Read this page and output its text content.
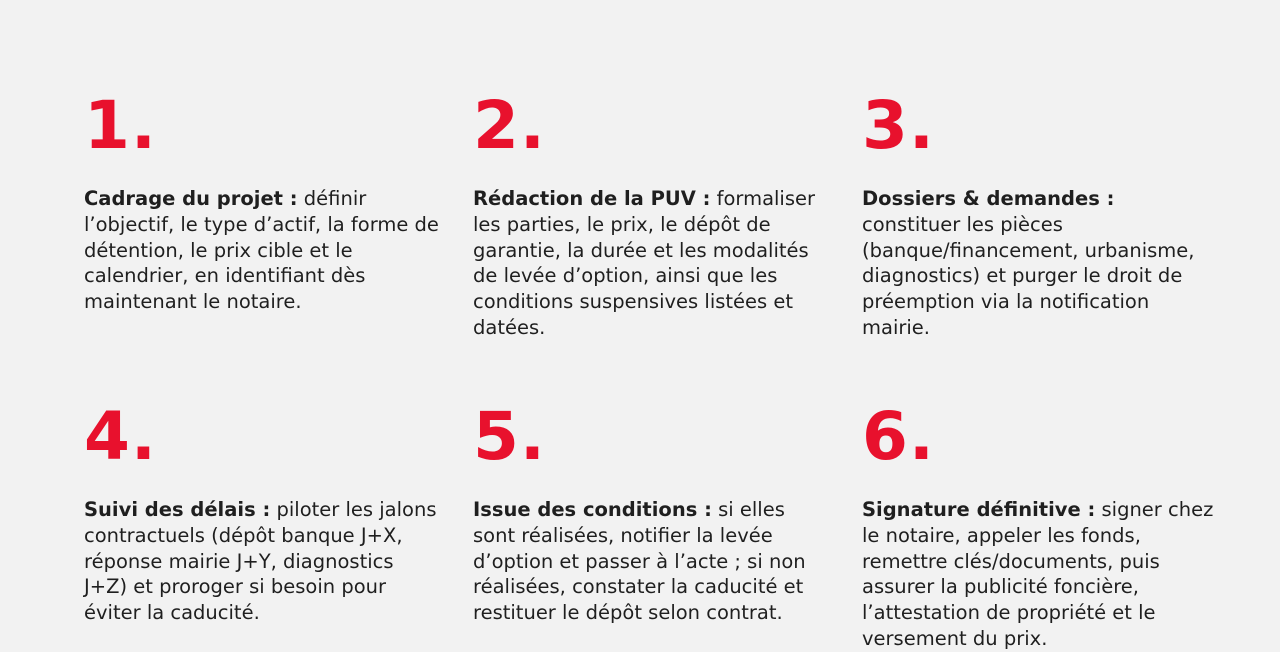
1.
Cadrage du projet : définir l’objectif, le type d’actif, la forme de détention, le prix cible et le calendrier, en identifiant dès maintenant le notaire.
2.
Rédaction de la PUV : formaliser les parties, le prix, le dépôt de garantie, la durée et les modalités de levée d’option, ainsi que les conditions suspensives listées et datées.
3.
Dossiers & demandes : constituer les pièces (banque/financement, urbanisme, diagnostics) et purger le droit de préemption via la notification mairie.
4.
Suivi des délais : piloter les jalons contractuels (dépôt banque J+X, réponse mairie J+Y, diagnostics J+Z) et proroger si besoin pour éviter la caducité.
5.
Issue des conditions : si elles sont réalisées, notifier la levée d’option et passer à l’acte ; si non réalisées, constater la caducité et restituer le dépôt selon contrat.
6.
Signature définitive : signer chez le notaire, appeler les fonds, remettre clés/documents, puis assurer la publicité foncière, l’attestation de propriété et le versement du prix.
